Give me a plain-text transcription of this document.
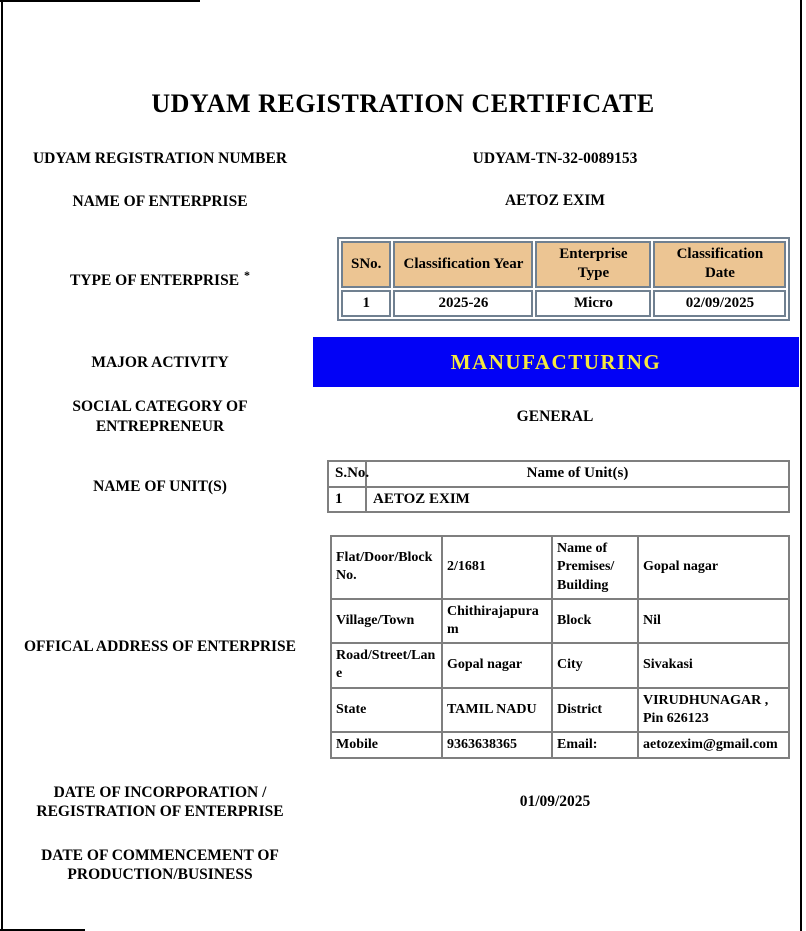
UDYAM REGISTRATION CERTIFICATE
UDYAM REGISTRATION NUMBER	UDYAM-TN-32-0089153
NAME OF ENTERPRISE	AETOZ EXIM
TYPE OF ENTERPRISE *
SNo.	Classification Year	Enterprise Type	Classification Date
1	2025-26	Micro	02/09/2025
MAJOR ACTIVITY	MANUFACTURING
SOCIAL CATEGORY OF
ENTREPRENEUR
GENERAL
NAME OF UNIT(S)
S.No.	Name of Unit(s)
1	AETOZ EXIM
OFFICAL ADDRESS OF ENTERPRISE
Flat/Door/Block No.	2/1681	Name of Premises/ Building	Gopal nagar
Village/Town	Chithirajapuram	Block	Nil
Road/Street/Lane	Gopal nagar	City	Sivakasi
State	TAMIL NADU	District	VIRUDHUNAGAR , Pin 626123
Mobile	9363638365	Email:	aetozexim@gmail.com
DATE OF INCORPORATION /
REGISTRATION OF ENTERPRISE
01/09/2025
DATE OF COMMENCEMENT OF
PRODUCTION/BUSINESS
